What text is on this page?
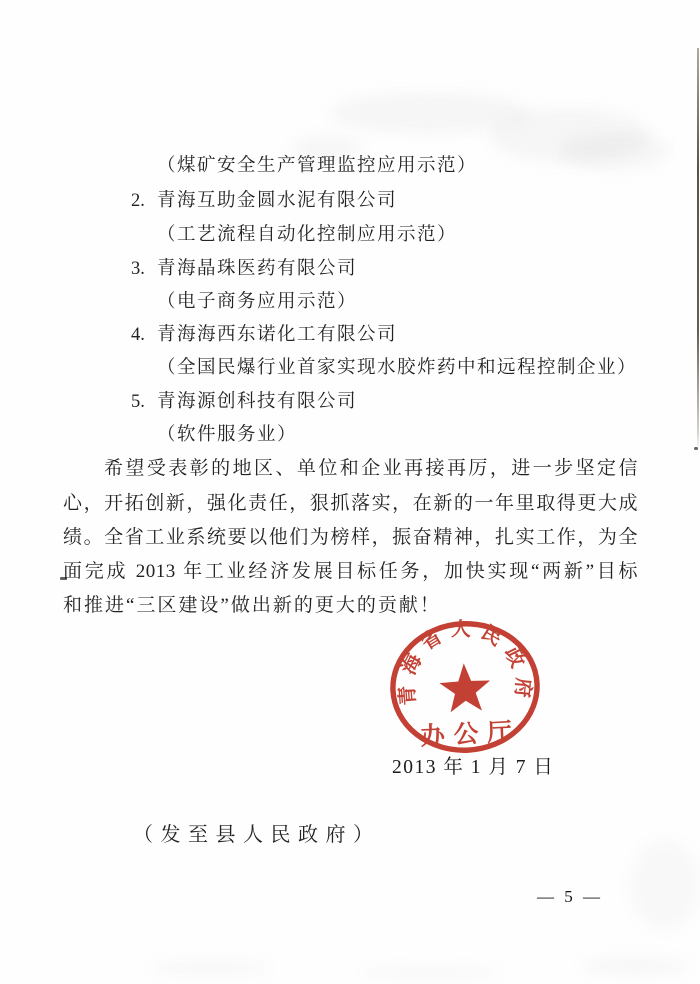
（煤矿安全生产管理监控应用示范）
2. 青海互助金圆水泥有限公司
（工艺流程自动化控制应用示范）
3. 青海晶珠医药有限公司
（电子商务应用示范）
4. 青海海西东诺化工有限公司
（全国民爆行业首家实现水胶炸药中和远程控制企业）
5. 青海源创科技有限公司
（软件服务业）
希望受表彰的地区、单位和企业再接再厉，进一步坚定信
心，开拓创新，强化责任，狠抓落实，在新的一年里取得更大成
绩。全省工业系统要以他们为榜样，振奋精神，扎实工作，为全
面完成 2013 年工业经济发展目标任务，加快实现“两新”目标
和推进“三区建设”做出新的更大的贡献！
2013 年 1 月 7 日
青海省人民政府
办公厅
（发至县人民政府）
— 5 —
